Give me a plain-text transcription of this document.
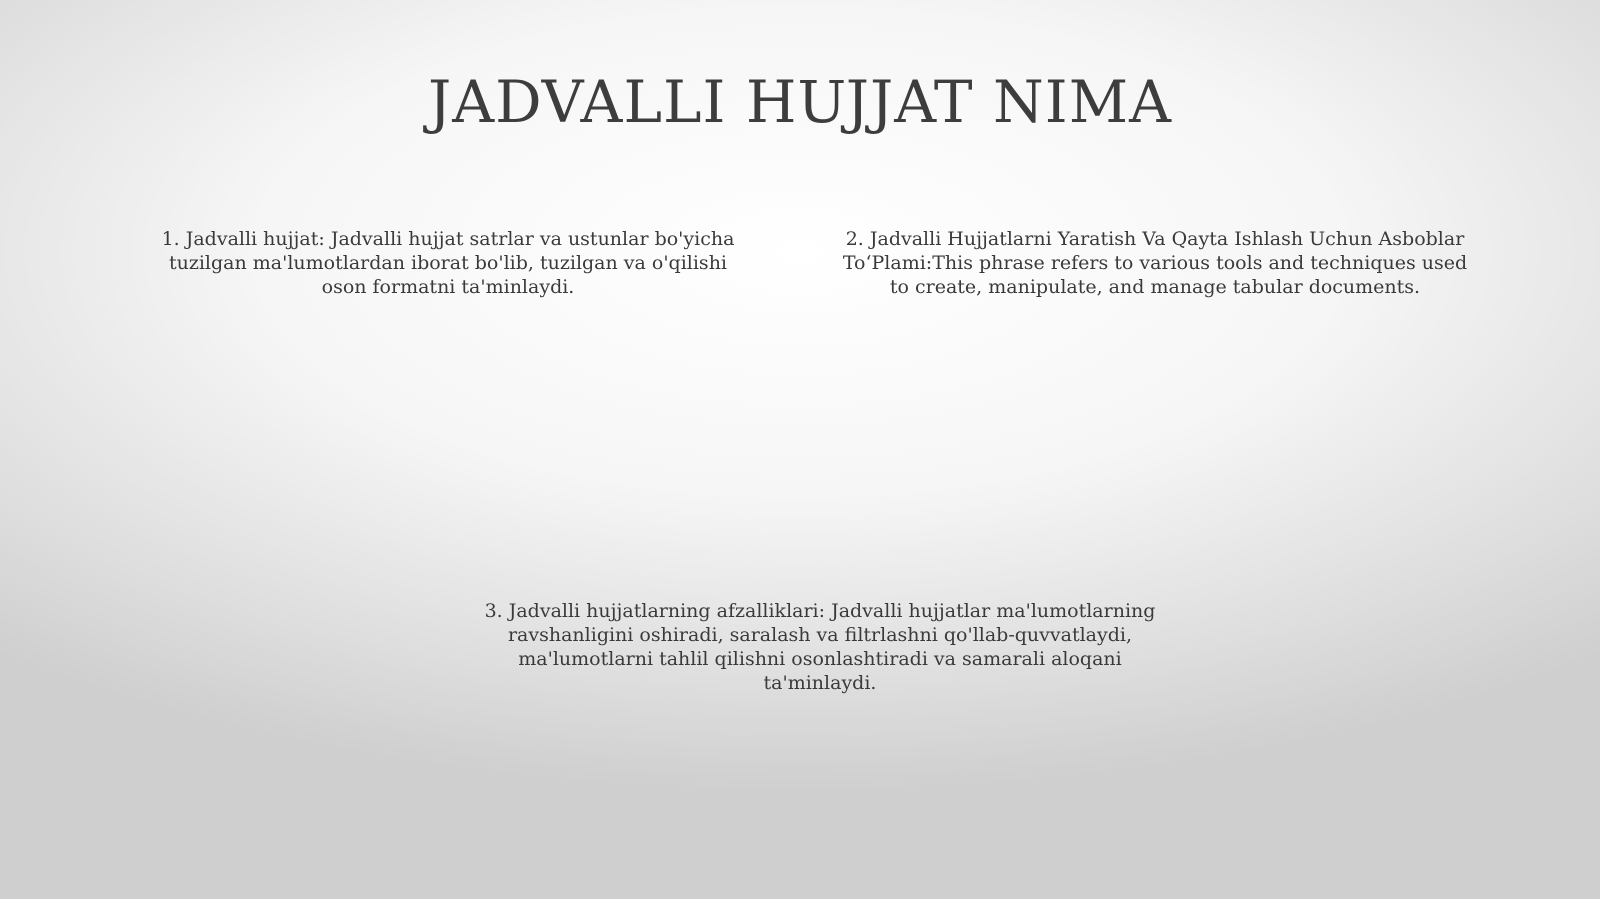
JADVALLI HUJJAT NIMA

1. Jadvalli hujjat: Jadvalli hujjat satrlar va ustunlar bo'yicha tuzilgan ma'lumotlardan iborat bo'lib, tuzilgan va o'qilishi oson formatni ta'minlaydi.

2. Jadvalli Hujjatlarni Yaratish Va Qayta Ishlash Uchun Asboblar To‘Plami:This phrase refers to various tools and techniques used to create, manipulate, and manage tabular documents.

3. Jadvalli hujjatlarning afzalliklari: Jadvalli hujjatlar ma'lumotlarning ravshanligini oshiradi, saralash va filtrlashni qo'llab-quvvatlaydi, ma'lumotlarni tahlil qilishni osonlashtiradi va samarali aloqani ta'minlaydi.
